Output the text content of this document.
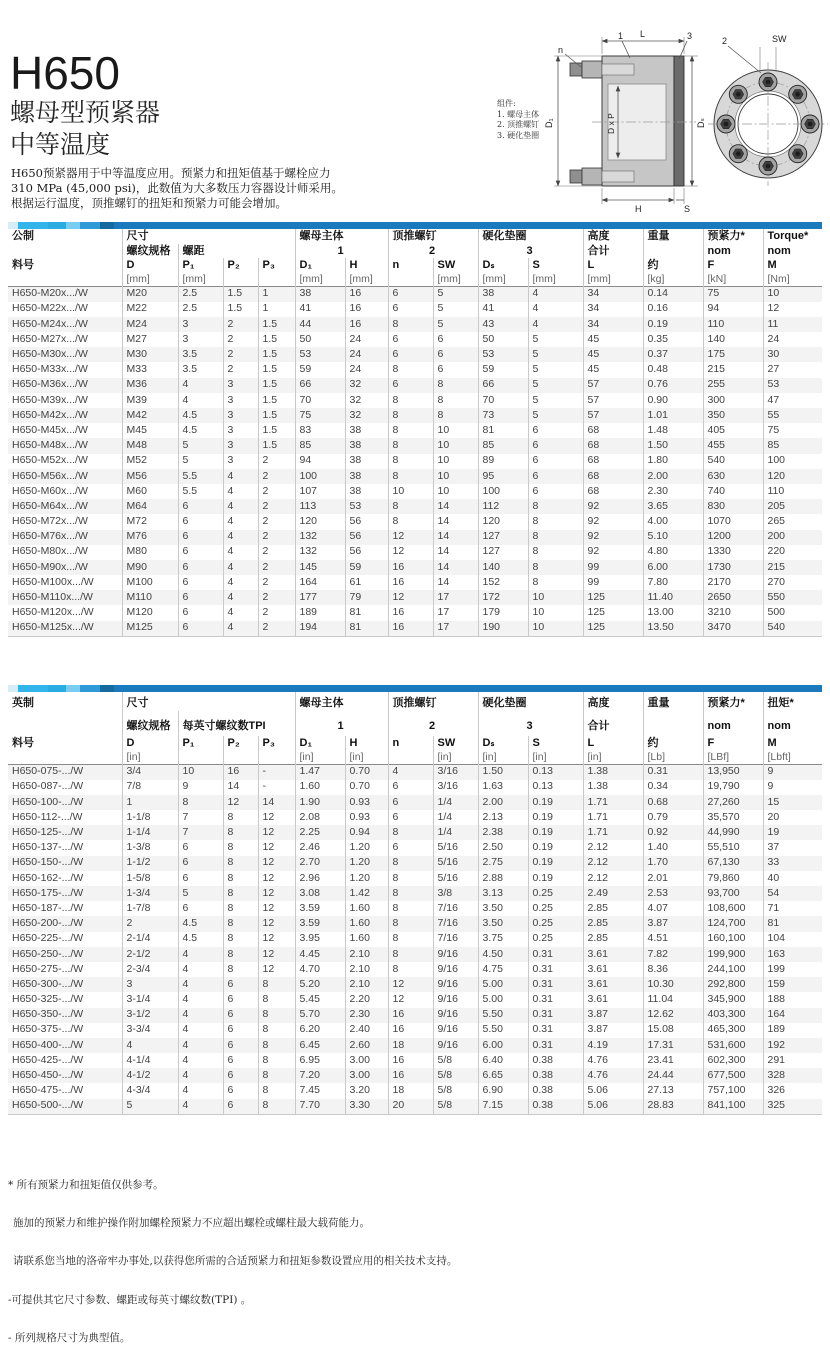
H650
螺母型预紧器
中等温度
H650预紧器用于中等温度应用。预紧力和扭矩值基于螺栓应力
310 MPa (45,000 psi)，此数值为大多数压力容器设计师采用。
根据运行温度，顶推螺钉的扭矩和预紧力可能会增加。
组件:
1. 螺母主体
2. 顶推螺钉
3. 硬化垫圈
L
n
1	3
D₁	D x P	Dₛ
H	S
2	SW
公制	尺寸				螺母主体		顶推螺钉		硬化垫圈		高度	重量	预紧力*	Torque*
	螺纹规格	螺距			1		2		3		合计		nom	nom
料号	D	P₁	P₂	P₃	D₁	H	n	SW	Dₛ	S	L	约	F	M
	[mm]	[mm]			[mm]	[mm]		[mm]	[mm]	[mm]	[mm]	[kg]	[kN]	[Nm]
H650-M20x.../W	M20	2.5	1.5	1	38	16	6	5	38	4	34	0.14	75	10
H650-M22x.../W	M22	2.5	1.5	1	41	16	6	5	41	4	34	0.16	94	12
H650-M24x.../W	M24	3	2	1.5	44	16	8	5	43	4	34	0.19	110	11
H650-M27x.../W	M27	3	2	1.5	50	24	6	6	50	5	45	0.35	140	24
H650-M30x.../W	M30	3.5	2	1.5	53	24	6	6	53	5	45	0.37	175	30
H650-M33x.../W	M33	3.5	2	1.5	59	24	8	6	59	5	45	0.48	215	27
H650-M36x.../W	M36	4	3	1.5	66	32	6	8	66	5	57	0.76	255	53
H650-M39x.../W	M39	4	3	1.5	70	32	8	8	70	5	57	0.90	300	47
H650-M42x.../W	M42	4.5	3	1.5	75	32	8	8	73	5	57	1.01	350	55
H650-M45x.../W	M45	4.5	3	1.5	83	38	8	10	81	6	68	1.48	405	75
H650-M48x.../W	M48	5	3	1.5	85	38	8	10	85	6	68	1.50	455	85
H650-M52x.../W	M52	5	3	2	94	38	8	10	89	6	68	1.80	540	100
H650-M56x.../W	M56	5.5	4	2	100	38	8	10	95	6	68	2.00	630	120
H650-M60x.../W	M60	5.5	4	2	107	38	10	10	100	6	68	2.30	740	110
H650-M64x.../W	M64	6	4	2	113	53	8	14	112	8	92	3.65	830	205
H650-M72x.../W	M72	6	4	2	120	56	8	14	120	8	92	4.00	1070	265
H650-M76x.../W	M76	6	4	2	132	56	12	14	127	8	92	5.10	1200	200
H650-M80x.../W	M80	6	4	2	132	56	12	14	127	8	92	4.80	1330	220
H650-M90x.../W	M90	6	4	2	145	59	16	14	140	8	99	6.00	1730	215
H650-M100x.../W	M100	6	4	2	164	61	16	14	152	8	99	7.80	2170	270
H650-M110x.../W	M110	6	4	2	177	79	12	17	172	10	125	11.40	2650	550
H650-M120x.../W	M120	6	4	2	189	81	16	17	179	10	125	13.00	3210	500
H650-M125x.../W	M125	6	4	2	194	81	16	17	190	10	125	13.50	3470	540
英制	尺寸				螺母主体		顶推螺钉		硬化垫圈		高度	重量	预紧力*	扭矩*
	螺纹规格	每英寸螺纹数TPI			1		2		3		合计		nom	nom
料号	D	P₁	P₂	P₃	D₁	H	n	SW	Dₛ	S	L	约	F	M
	[in]				[in]	[in]		[in]	[in]	[in]	[in]	[Lb]	[LBf]	[Lbft]
H650-075-.../W	3/4	10	16	-	1.47	0.70	4	3/16	1.50	0.13	1.38	0.31	13,950	9
H650-087-.../W	7/8	9	14	-	1.60	0.70	6	3/16	1.63	0.13	1.38	0.34	19,790	9
H650-100-.../W	1	8	12	14	1.90	0.93	6	1/4	2.00	0.19	1.71	0.68	27,260	15
H650-112-.../W	1-1/8	7	8	12	2.08	0.93	6	1/4	2.13	0.19	1.71	0.79	35,570	20
H650-125-.../W	1-1/4	7	8	12	2.25	0.94	8	1/4	2.38	0.19	1.71	0.92	44,990	19
H650-137-.../W	1-3/8	6	8	12	2.46	1.20	6	5/16	2.50	0.19	2.12	1.40	55,510	37
H650-150-.../W	1-1/2	6	8	12	2.70	1.20	8	5/16	2.75	0.19	2.12	1.70	67,130	33
H650-162-.../W	1-5/8	6	8	12	2.96	1.20	8	5/16	2.88	0.19	2.12	2.01	79,860	40
H650-175-.../W	1-3/4	5	8	12	3.08	1.42	8	3/8	3.13	0.25	2.49	2.53	93,700	54
H650-187-.../W	1-7/8	6	8	12	3.59	1.60	8	7/16	3.50	0.25	2.85	4.07	108,600	71
H650-200-.../W	2	4.5	8	12	3.59	1.60	8	7/16	3.50	0.25	2.85	3.87	124,700	81
H650-225-.../W	2-1/4	4.5	8	12	3.95	1.60	8	7/16	3.75	0.25	2.85	4.51	160,100	104
H650-250-.../W	2-1/2	4	8	12	4.45	2.10	8	9/16	4.50	0.31	3.61	7.82	199,900	163
H650-275-.../W	2-3/4	4	8	12	4.70	2.10	8	9/16	4.75	0.31	3.61	8.36	244,100	199
H650-300-.../W	3	4	6	8	5.20	2.10	12	9/16	5.00	0.31	3.61	10.30	292,800	159
H650-325-.../W	3-1/4	4	6	8	5.45	2.20	12	9/16	5.00	0.31	3.61	11.04	345,900	188
H650-350-.../W	3-1/2	4	6	8	5.70	2.30	16	9/16	5.50	0.31	3.87	12.62	403,300	164
H650-375-.../W	3-3/4	4	6	8	6.20	2.40	16	9/16	5.50	0.31	3.87	15.08	465,300	189
H650-400-.../W	4	4	6	8	6.45	2.60	18	9/16	6.00	0.31	4.19	17.31	531,600	192
H650-425-.../W	4-1/4	4	6	8	6.95	3.00	16	5/8	6.40	0.38	4.76	23.41	602,300	291
H650-450-.../W	4-1/2	4	6	8	7.20	3.00	16	5/8	6.65	0.38	4.76	24.44	677,500	328
H650-475-.../W	4-3/4	4	6	8	7.45	3.20	18	5/8	6.90	0.38	5.06	27.13	757,100	326
H650-500-.../W	5	4	6	8	7.70	3.30	20	5/8	7.15	0.38	5.06	28.83	841,100	325

* 所有预紧力和扭矩值仅供参考。

施加的预紧力和维护操作附加螺栓预紧力不应超出螺栓或螺柱最大载荷能力。

请联系您当地的洛帝牢办事处,以获得您所需的合适预紧力和扭矩参数设置应用的相关技术支持。

-可提供其它尺寸参数、螺距或每英寸螺纹数(TPI) 。

- 所列规格尺寸为典型值。
